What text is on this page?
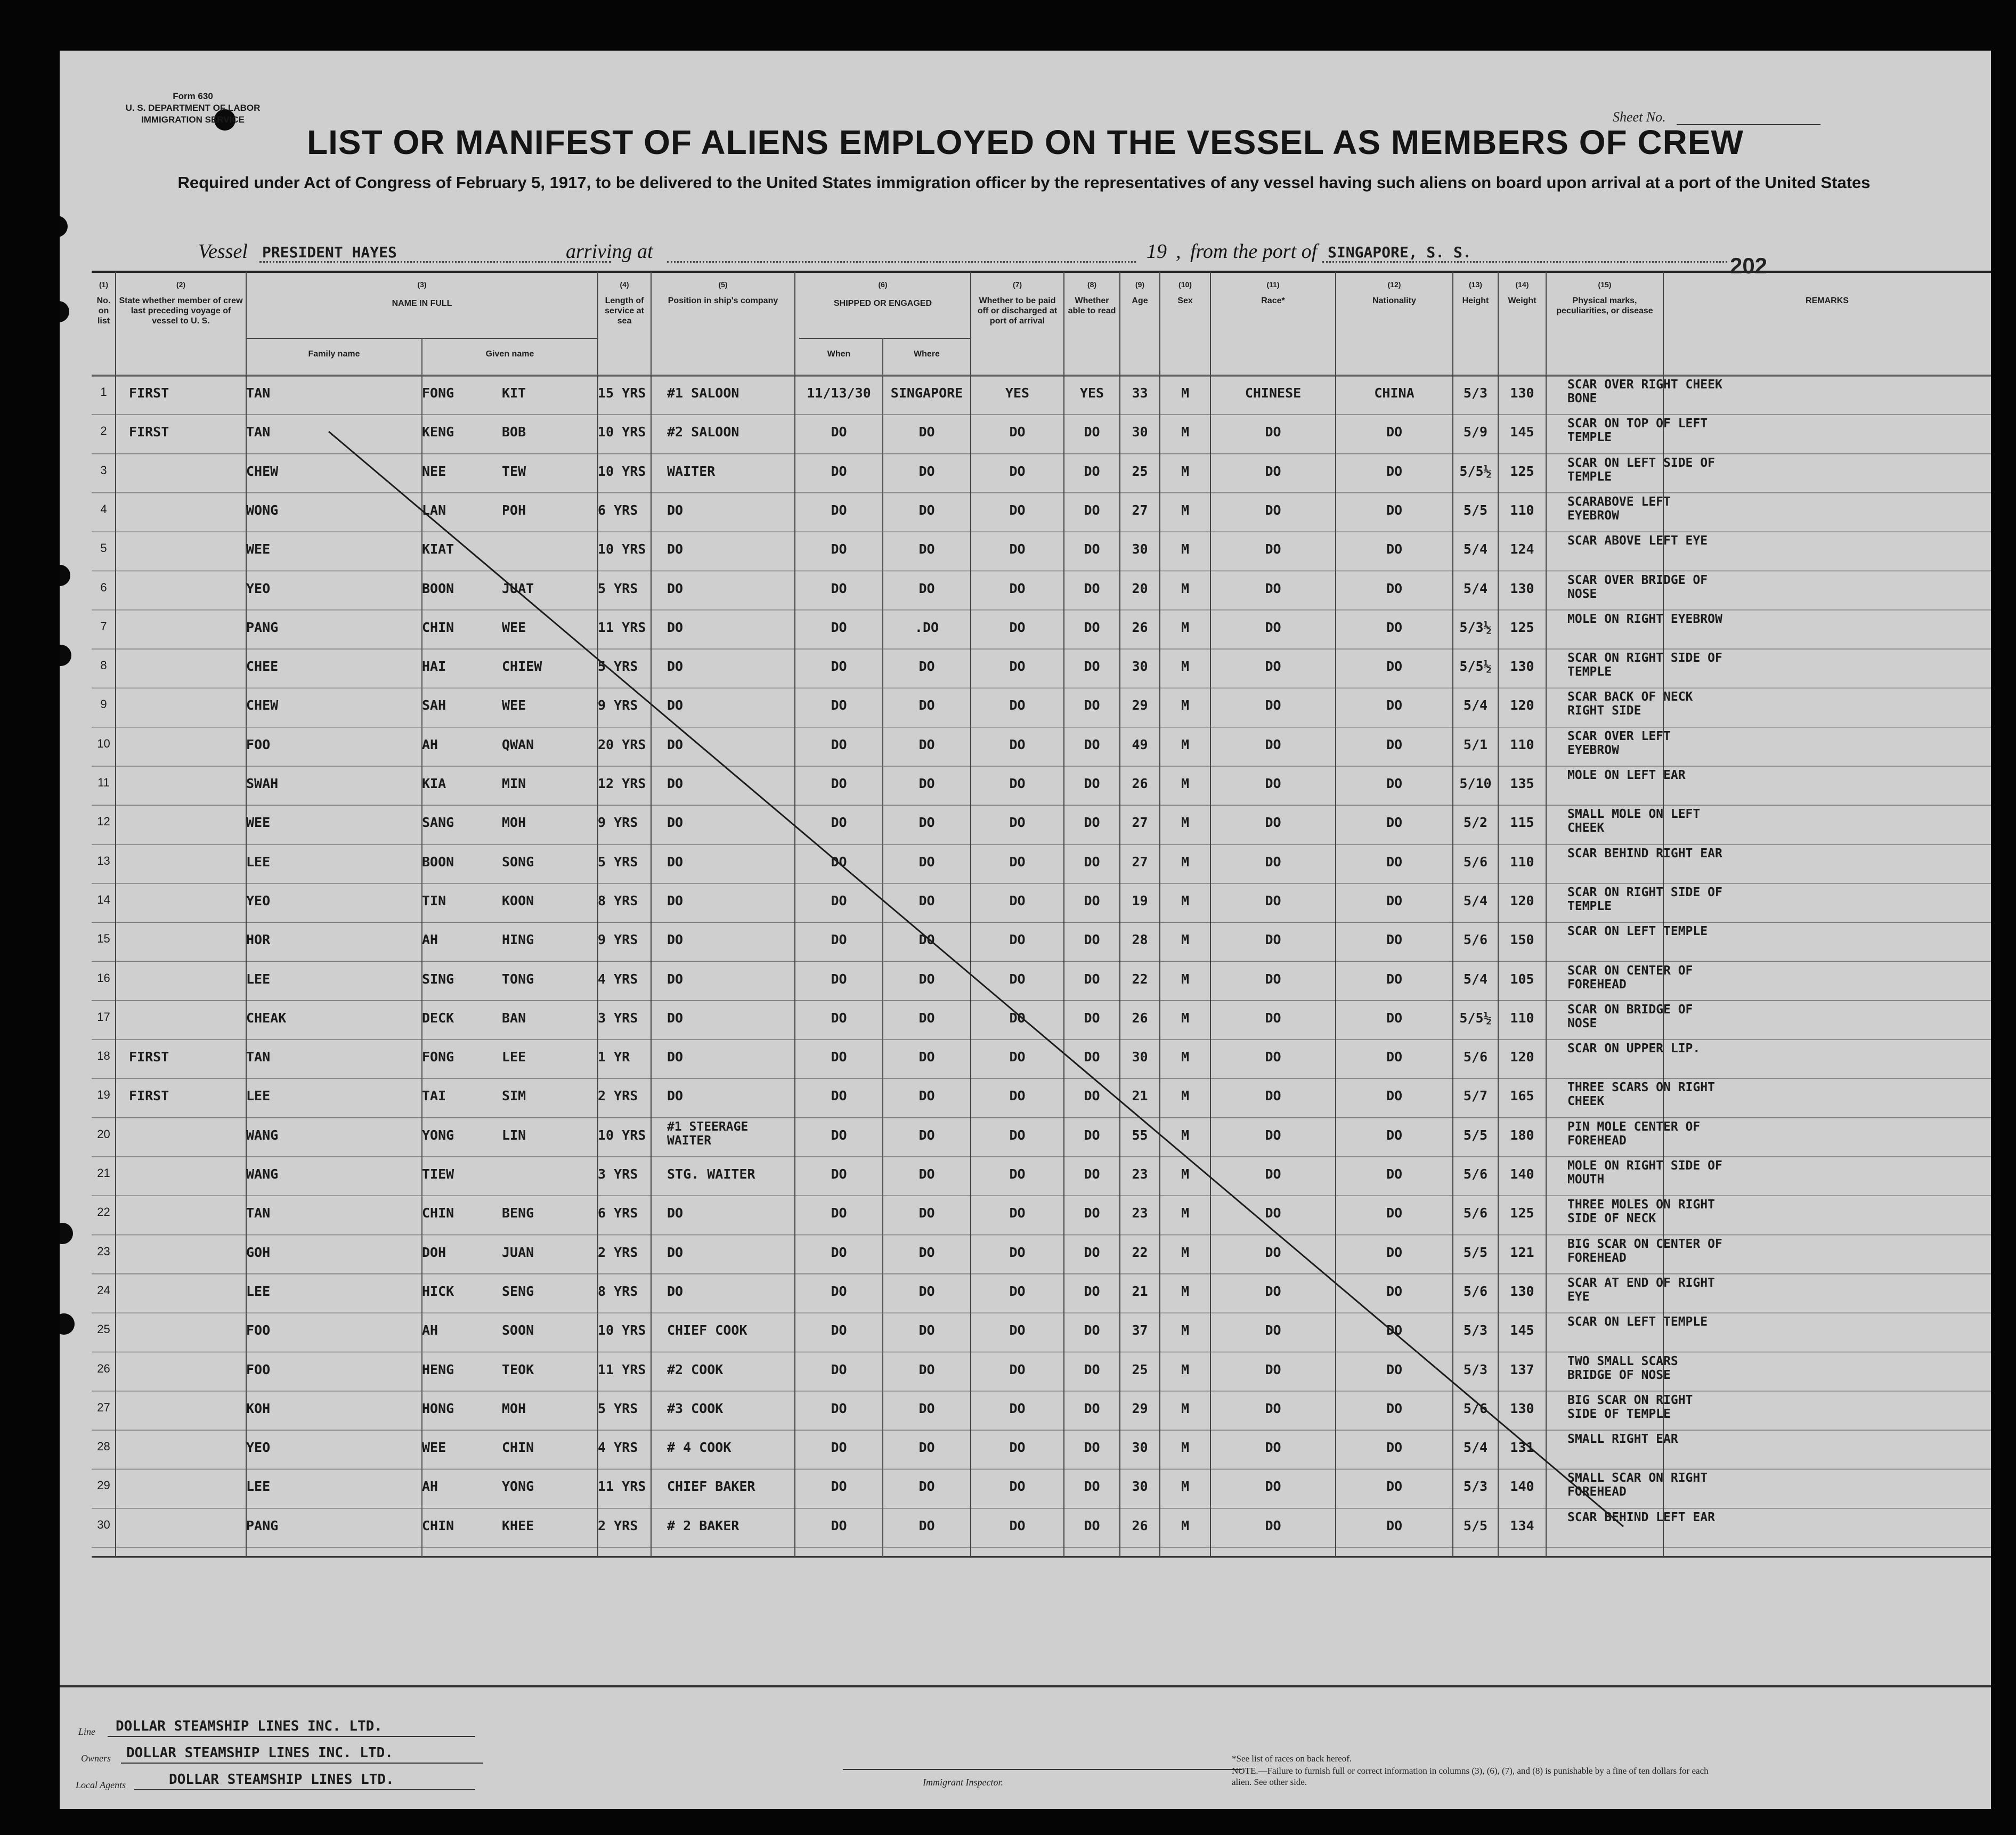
Form 630
U. S. DEPARTMENT OF LABOR
IMMIGRATION SERVICE	Sheet No.
LIST OR MANIFEST OF ALIENS EMPLOYED ON THE VESSEL AS MEMBERS OF CREW
Required under Act of Congress of February 5, 1917, to be delivered to the United States immigration officer by the representatives of any vessel having such aliens on board upon arrival at a port of the United States
Vessel PRESIDENT HAYES	arriving at	19 , from the port of SINGAPORE, S. S.
202
(1)
No. on list
(2)
State whether member of crew last preceding voyage of vessel to U. S.
(3)
NAME IN FULL
Family name	Given name
(4)
Length of service at sea
(5)
Position in ship's company
(6)
SHIPPED OR ENGAGED
When	Where
(7)
Whether to be paid off or discharged at port of arrival
(8)
Whether able to read
(9)
Age
(10)
Sex
(11)
Race*
(12)
Nationality
(13)
Height
(14)
Weight
(15)
Physical marks, peculiarities, or disease
REMARKS
1	FIRST	TAN	FONG	KIT	15 YRS	#1 SALOON	11/13/30	SINGAPORE	YES	YES	33	M	CHINESE	CHINA	5/3	130
SCAR OVER RIGHT CHEEK BONE
2	FIRST	TAN	KENG	BOB	10 YRS	#2 SALOON	DO	DO	DO	DO	30	M	DO	DO	5/9	145
SCAR ON TOP OF LEFT TEMPLE
3	CHEW	NEE	TEW	10 YRS	WAITER	DO	DO	DO	DO	25	M	DO	DO	5/5½	125
SCAR ON LEFT SIDE OF TEMPLE
4	WONG	LAN	POH	6 YRS	DO	DO	DO	DO	DO	27	M	DO	DO	5/5	110
SCARABOVE LEFT EYEBROW
5	WEE	KIAT	10 YRS	DO	DO	DO	DO	DO	30	M	DO	DO	5/4	124
SCAR ABOVE LEFT EYE
6	YEO	BOON	JUAT	5 YRS	DO	DO	DO	DO	DO	20	M	DO	DO	5/4	130
SCAR OVER BRIDGE OF NOSE
7	PANG	CHIN	WEE	11 YRS	DO	DO	.DO	DO	DO	26	M	DO	DO	5/3½	125
MOLE ON RIGHT EYEBROW
8	CHEE	HAI	CHIEW	5 YRS	DO	DO	DO	DO	DO	30	M	DO	DO	5/5½	130
SCAR ON RIGHT SIDE OF TEMPLE
9	CHEW	SAH	WEE	9 YRS	DO	DO	DO	DO	DO	29	M	DO	DO	5/4	120
SCAR BACK OF NECK RIGHT SIDE
10	FOO	AH	QWAN	20 YRS	DO	DO	DO	DO	DO	49	M	DO	DO	5/1	110
SCAR OVER LEFT EYEBROW
11	SWAH	KIA	MIN	12 YRS	DO	DO	DO	DO	DO	26	M	DO	DO	5/10	135
MOLE ON LEFT EAR
12	WEE	SANG	MOH	9 YRS	DO	DO	DO	DO	DO	27	M	DO	DO	5/2	115
SMALL MOLE ON LEFT CHEEK
13	LEE	BOON	SONG	5 YRS	DO	DO	DO	DO	DO	27	M	DO	DO	5/6	110
SCAR BEHIND RIGHT EAR
14	YEO	TIN	KOON	8 YRS	DO	DO	DO	DO	DO	19	M	DO	DO	5/4	120
SCAR ON RIGHT SIDE OF TEMPLE
15	HOR	AH	HING	9 YRS	DO	DO	DO	DO	DO	28	M	DO	DO	5/6	150
SCAR ON LEFT TEMPLE
16	LEE	SING	TONG	4 YRS	DO	DO	DO	DO	DO	22	M	DO	DO	5/4	105
SCAR ON CENTER OF FOREHEAD
17	CHEAK	DECK	BAN	3 YRS	DO	DO	DO	DO	DO	26	M	DO	DO	5/5½	110
SCAR ON BRIDGE OF NOSE
18	FIRST	TAN	FONG	LEE	1 YR	DO	DO	DO	DO	DO	30	M	DO	DO	5/6	120
SCAR ON UPPER LIP.
19	FIRST	LEE	TAI	SIM	2 YRS	DO	DO	DO	DO	DO	21	M	DO	DO	5/7	165
THREE SCARS ON RIGHT CHEEK
20	WANG	YONG	LIN	10 YRS
#1 STEERAGE WAITER	DO	DO	DO	DO	55	M	DO	DO	5/5	180
PIN MOLE CENTER OF FOREHEAD
21	WANG	TIEW	3 YRS	STG. WAITER	DO	DO	DO	DO	23	M	DO	DO	5/6	140
MOLE ON RIGHT SIDE OF MOUTH
22	TAN	CHIN	BENG	6 YRS	DO	DO	DO	DO	DO	23	M	DO	DO	5/6	125
THREE MOLES ON RIGHT SIDE OF NECK
23	GOH	DOH	JUAN	2 YRS	DO	DO	DO	DO	DO	22	M	DO	DO	5/5	121
BIG SCAR ON CENTER OF FOREHEAD
24	LEE	HICK	SENG	8 YRS	DO	DO	DO	DO	DO	21	M	DO	DO	5/6	130
SCAR AT END OF RIGHT EYE
25	FOO	AH	SOON	10 YRS	CHIEF COOK	DO	DO	DO	DO	37	M	DO	DO	5/3	145
SCAR ON LEFT TEMPLE
26	FOO	HENG	TEOK	11 YRS	#2 COOK	DO	DO	DO	DO	25	M	DO	DO	5/3	137
TWO SMALL SCARS BRIDGE OF NOSE
27	KOH	HONG	MOH	5 YRS	#3 COOK	DO	DO	DO	DO	29	M	DO	DO	5/6	130
BIG SCAR ON RIGHT SIDE OF TEMPLE
28	YEO	WEE	CHIN	4 YRS	# 4 COOK	DO	DO	DO	DO	30	M	DO	DO	5/4	131
SMALL RIGHT EAR
29	LEE	AH	YONG	11 YRS	CHIEF BAKER	DO	DO	DO	DO	30	M	DO	DO	5/3	140
SMALL SCAR ON RIGHT FOREHEAD
30	PANG	CHIN	KHEE	2 YRS	# 2 BAKER	DO	DO	DO	DO	26	M	DO	DO	5/5	134
SCAR BEHIND LEFT EAR
Line DOLLAR STEAMSHIP LINES INC. LTD.
Owners DOLLAR STEAMSHIP LINES INC. LTD.
Local Agents	DOLLAR STEAMSHIP LINES LTD.	Immigrant Inspector.
*See list of races on back hereof.
NOTE.—Failure to furnish full or correct information in columns (3), (6), (7), and (8) is punishable by a fine of ten dollars for each alien. See other side.
